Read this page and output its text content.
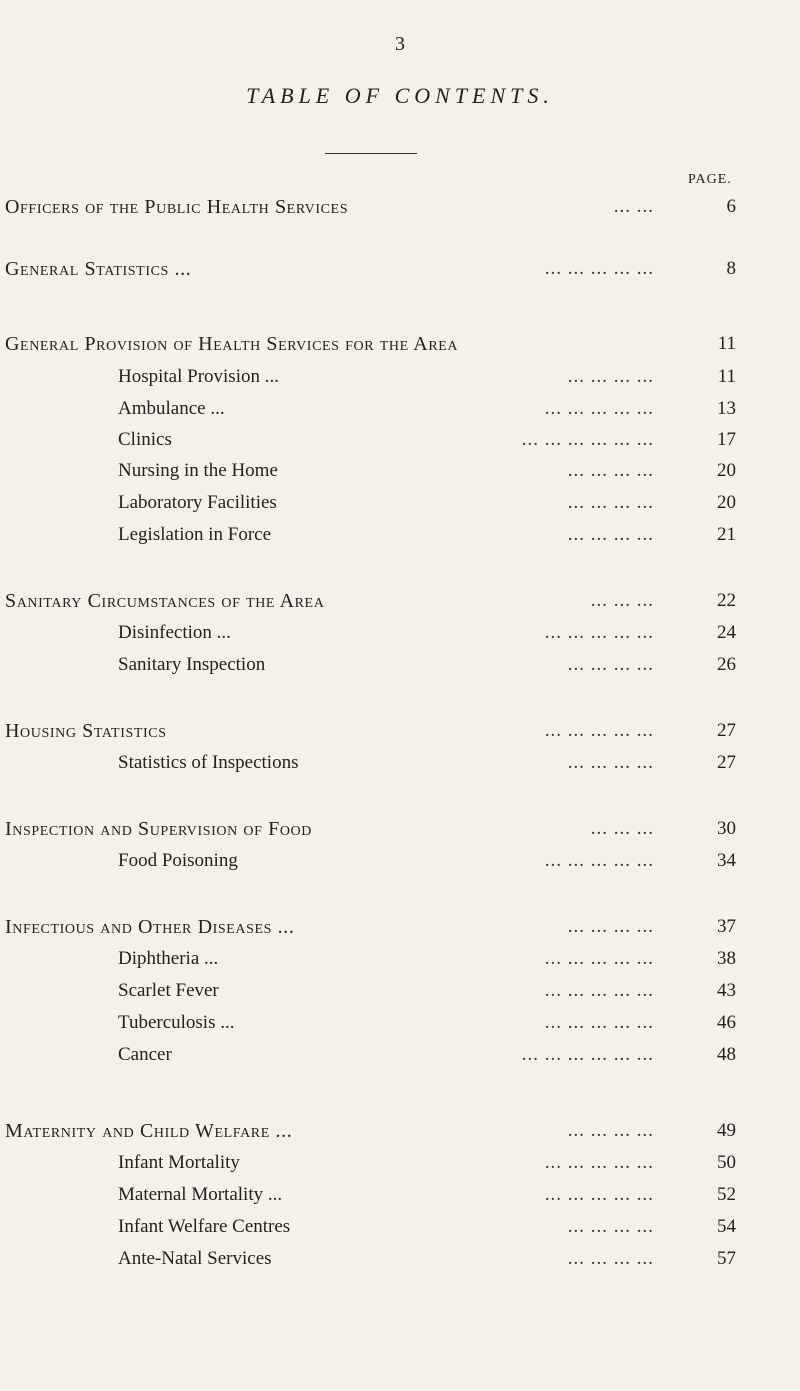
3
TABLE OF CONTENTS.
PAGE.
Officers of the Public Health Services	... ...	6
General Statistics ...	... ... ... ... ...	8
General Provision of Health Services for the Area	11
Hospital Provision ...	... ... ... ...	11
Ambulance ...	... ... ... ... ...	13
Clinics	... ... ... ... ... ...	17
Nursing in the Home	... ... ... ...	20
Laboratory Facilities	... ... ... ...	20
Legislation in Force	... ... ... ...	21
Sanitary Circumstances of the Area	... ... ...	22
Disinfection ...	... ... ... ... ...	24
Sanitary Inspection	... ... ... ...	26
Housing Statistics	... ... ... ... ...	27
Statistics of Inspections	... ... ... ...	27
Inspection and Supervision of Food	... ... ...	30
Food Poisoning	... ... ... ... ...	34
Infectious and Other Diseases ...	... ... ... ...	37
Diphtheria ...	... ... ... ... ...	38
Scarlet Fever	... ... ... ... ...	43
Tuberculosis ...	... ... ... ... ...	46
Cancer	... ... ... ... ... ...	48
Maternity and Child Welfare ...	... ... ... ...	49
Infant Mortality	... ... ... ... ...	50
Maternal Mortality ...	... ... ... ... ...	52
Infant Welfare Centres	... ... ... ...	54
Ante-Natal Services	... ... ... ...	57
